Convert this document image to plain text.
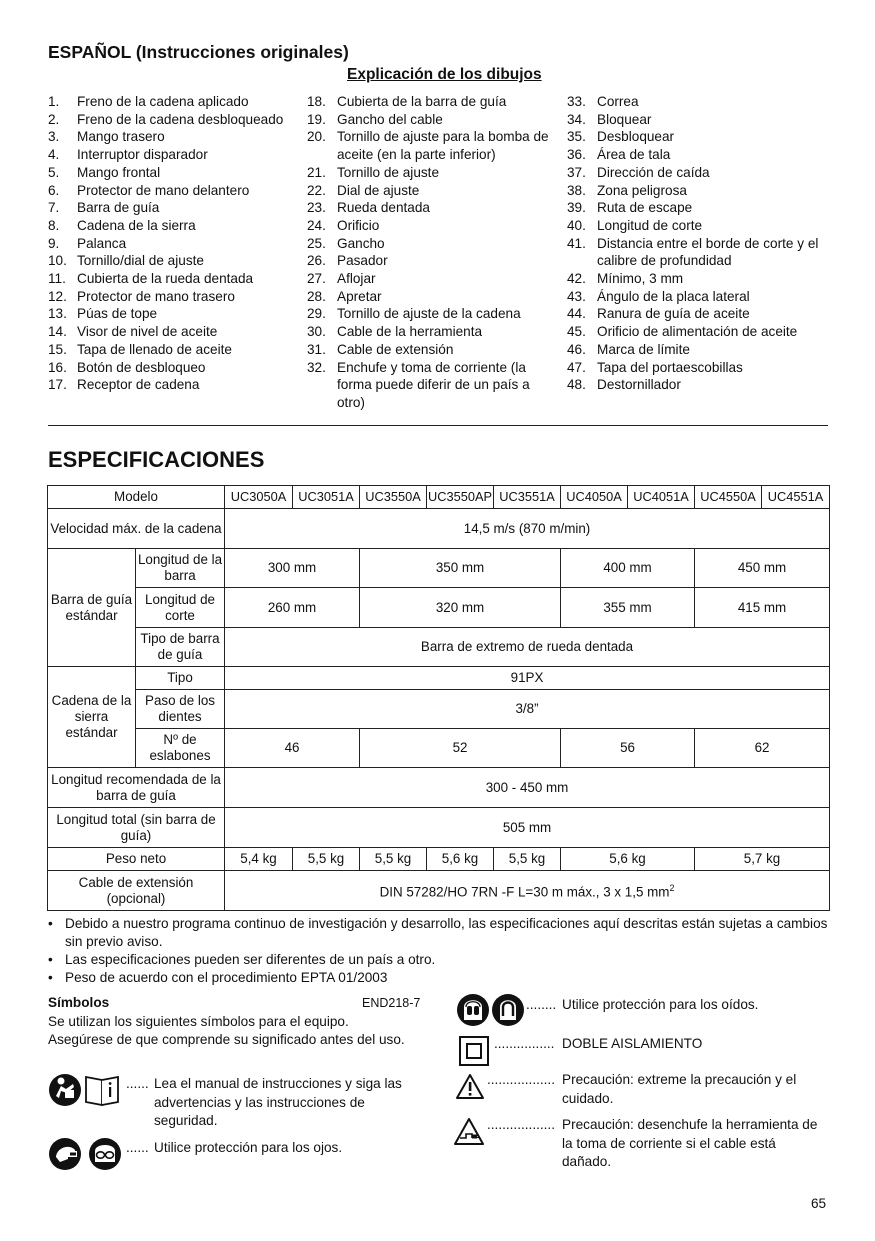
ESPAÑOL (Instrucciones originales)
Explicación de los dibujos
1.	Freno de la cadena aplicado
2.	Freno de la cadena desbloqueado
3.	Mango trasero
4.	Interruptor disparador
5.	Mango frontal
6.	Protector de mano delantero
7.	Barra de guía
8.	Cadena de la sierra
9.	Palanca
10. Tornillo/dial de ajuste
11. Cubierta de la rueda dentada
12. Protector de mano trasero
13. Púas de tope
14. Visor de nivel de aceite
15. Tapa de llenado de aceite
16. Botón de desbloqueo
17. Receptor de cadena
18. Cubierta de la barra de guía
19. Gancho del cable
20. Tornillo de ajuste para la bomba de aceite (en la parte inferior)
21. Tornillo de ajuste
22. Dial de ajuste
23. Rueda dentada
24. Orificio
25. Gancho
26. Pasador
27. Aflojar
28. Apretar
29. Tornillo de ajuste de la cadena
30. Cable de la herramienta
31. Cable de extensión
32. Enchufe y toma de corriente (la forma puede diferir de un país a otro)
33. Correa
34. Bloquear
35. Desbloquear
36. Área de tala
37. Dirección de caída
38. Zona peligrosa
39. Ruta de escape
40. Longitud de corte
41. Distancia entre el borde de corte y el calibre de profundidad
42. Mínimo, 3 mm
43. Ángulo de la placa lateral
44. Ranura de guía de aceite
45. Orificio de alimentación de aceite
46. Marca de límite
47. Tapa del portaescobillas
48. Destornillador
ESPECIFICACIONES
Modelo		UC3050A	UC3051A	UC3550A	UC3550AP	UC3551A	UC4050A	UC4051A	UC4550A	UC4551A
Velocidad máx. de la cadena		14,5 m/s (870 m/min)								
Barra de guía estándar	Longitud de la barra	300 mm		350 mm			400 mm		450 mm	
	Longitud de corte	260 mm		320 mm			355 mm		415 mm	
	Tipo de barra de guía	Barra de extremo de rueda dentada								
Cadena de la sierra estándar	Tipo	91PX								
	Paso de los dientes	3/8”								
	Nº de eslabones	46		52			56		62	
Longitud recomendada de la barra de guía		300 - 450 mm								
Longitud total (sin barra de guía)		505 mm								
Peso neto		5,4 kg	5,5 kg	5,5 kg	5,6 kg	5,5 kg	5,6 kg		5,7 kg	
Cable de extensión (opcional)		DIN 57282/HO 7RN -F L=30 m máx., 3 x 1,5 $mm^2$
• Debido a nuestro programa continuo de investigación y desarrollo, las especificaciones aquí descritas están sujetas a cambios sin previo aviso.
• Las especificaciones pueden ser diferentes de un país a otro.
• Peso de acuerdo con el procedimiento EPTA 01/2003
Símbolos	END218-7
Se utilizan los siguientes símbolos para el equipo. Asegúrese de que comprende su significado antes del uso.
...... Lea el manual de instrucciones y siga las advertencias y las instrucciones de seguridad.
...... Utilice protección para los ojos.
........ Utilice protección para los oídos.
................ DOBLE AISLAMIENTO
.................. Precaución: extreme la precaución y el cuidado.
.................. Precaución: desenchufe la herramienta de la toma de corriente si el cable está dañado.
65
